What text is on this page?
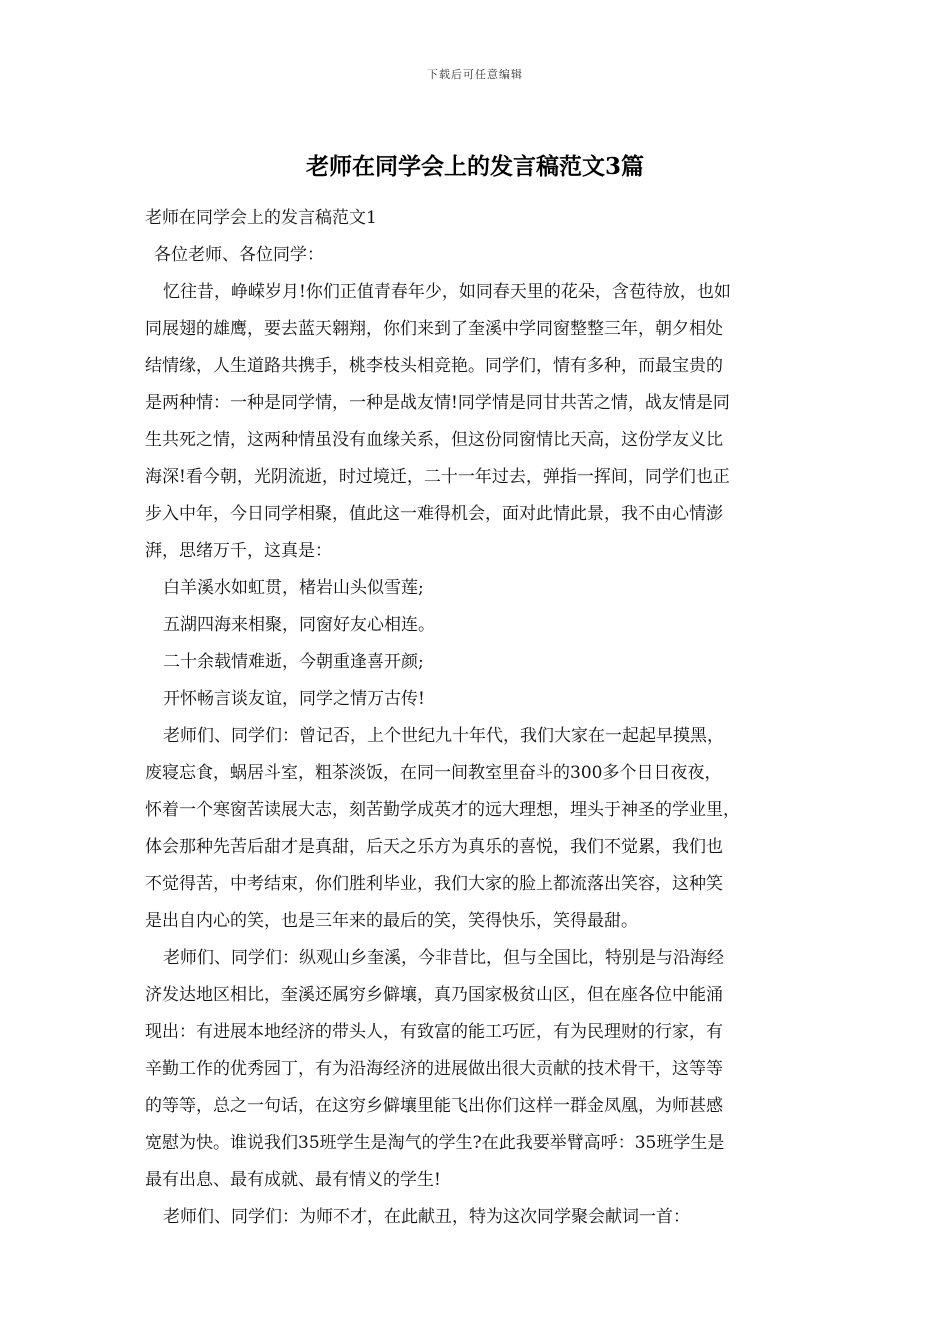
下载后可任意编辑
老师在同学会上的发言稿范文3篇
老师在同学会上的发言稿范文1
各位老师、各位同学：
忆往昔，峥嵘岁月!你们正值青春年少，如同春天里的花朵，含苞待放，也如
同展翅的雄鹰，要去蓝天翱翔，你们来到了奎溪中学同窗整整三年，朝夕相处
结情缘，人生道路共携手，桃李枝头相竞艳。同学们，情有多种，而最宝贵的
是两种情：一种是同学情，一种是战友情!同学情是同甘共苦之情，战友情是同
生共死之情，这两种情虽没有血缘关系，但这份同窗情比天高，这份学友义比
海深!看今朝，光阴流逝，时过境迁，二十一年过去，弹指一挥间，同学们也正
步入中年，今日同学相聚，值此这一难得机会，面对此情此景，我不由心情澎
湃，思绪万千，这真是：
白羊溪水如虹贯，楮岩山头似雪莲;
五湖四海来相聚，同窗好友心相连。
二十余载情难逝，今朝重逢喜开颜;
开怀畅言谈友谊，同学之情万古传!
老师们、同学们：曾记否，上个世纪九十年代，我们大家在一起起早摸黑，
废寝忘食，蜗居斗室，粗茶淡饭，在同一间教室里奋斗的300多个日日夜夜，
怀着一个寒窗苦读展大志，刻苦勤学成英才的远大理想，埋头于神圣的学业里，
体会那种先苦后甜才是真甜，后天之乐方为真乐的喜悦，我们不觉累，我们也
不觉得苦，中考结束，你们胜利毕业，我们大家的脸上都流落出笑容，这种笑
是出自内心的笑，也是三年来的最后的笑，笑得快乐，笑得最甜。
老师们、同学们：纵观山乡奎溪，今非昔比，但与全国比，特别是与沿海经
济发达地区相比，奎溪还属穷乡僻壤，真乃国家极贫山区，但在座各位中能涌
现出：有进展本地经济的带头人，有致富的能工巧匠，有为民理财的行家，有
辛勤工作的优秀园丁，有为沿海经济的进展做出很大贡献的技术骨干，这等等
的等等，总之一句话，在这穷乡僻壤里能飞出你们这样一群金凤凰，为师甚感
宽慰为快。谁说我们35班学生是淘气的学生?在此我要举臂高呼：35班学生是
最有出息、最有成就、最有情义的学生!
老师们、同学们：为师不才，在此献丑，特为这次同学聚会献词一首：
